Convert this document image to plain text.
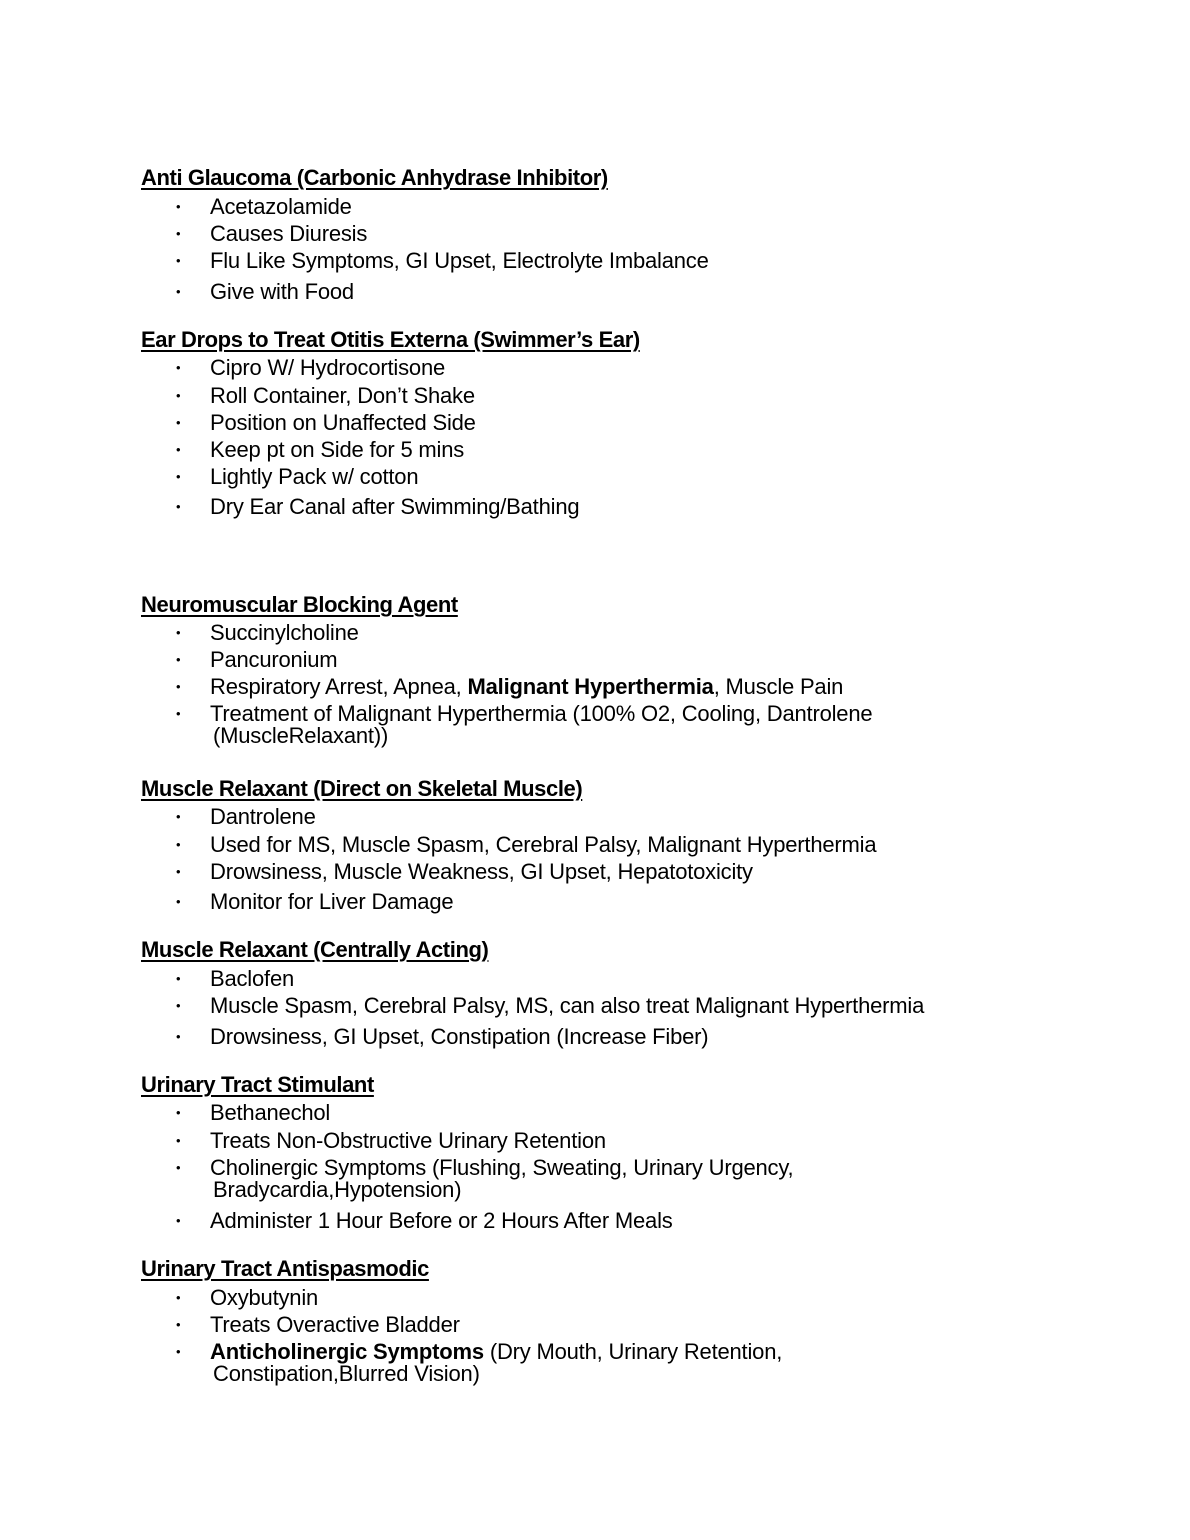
Anti Glaucoma (Carbonic Anhydrase Inhibitor)
• Acetazolamide
• Causes Diuresis
• Flu Like Symptoms, GI Upset, Electrolyte Imbalance
• Give with Food
Ear Drops to Treat Otitis Externa (Swimmer’s Ear)
• Cipro W/ Hydrocortisone
• Roll Container, Don’t Shake
• Position on Unaffected Side
• Keep pt on Side for 5 mins
• Lightly Pack w/ cotton
• Dry Ear Canal after Swimming/Bathing
Neuromuscular Blocking Agent
• Succinylcholine
• Pancuronium
• Respiratory Arrest, Apnea, Malignant Hyperthermia, Muscle Pain
• Treatment of Malignant Hyperthermia (100% O2, Cooling, Dantrolene
(MuscleRelaxant))
Muscle Relaxant (Direct on Skeletal Muscle)
• Dantrolene
• Used for MS, Muscle Spasm, Cerebral Palsy, Malignant Hyperthermia
• Drowsiness, Muscle Weakness, GI Upset, Hepatotoxicity
• Monitor for Liver Damage
Muscle Relaxant (Centrally Acting)
• Baclofen
• Muscle Spasm, Cerebral Palsy, MS, can also treat Malignant Hyperthermia
• Drowsiness, GI Upset, Constipation (Increase Fiber)
Urinary Tract Stimulant
• Bethanechol
• Treats Non-Obstructive Urinary Retention
• Cholinergic Symptoms (Flushing, Sweating, Urinary Urgency,
Bradycardia,Hypotension)
• Administer 1 Hour Before or 2 Hours After Meals
Urinary Tract Antispasmodic
• Oxybutynin
• Treats Overactive Bladder
• Anticholinergic Symptoms (Dry Mouth, Urinary Retention,
Constipation,Blurred Vision)
